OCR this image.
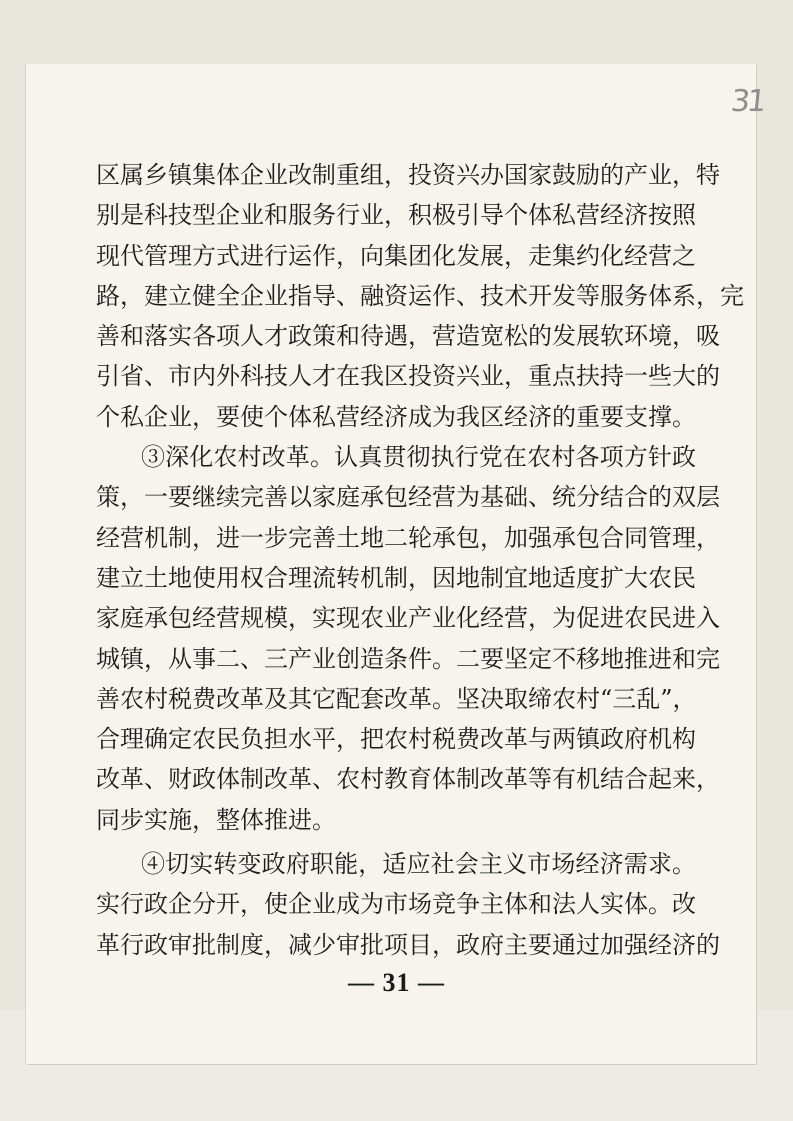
31
区属乡镇集体企业改制重组，投资兴办国家鼓励的产业，特
别是科技型企业和服务行业，积极引导个体私营经济按照
现代管理方式进行运作，向集团化发展，走集约化经营之
路，建立健全企业指导、融资运作、技术开发等服务体系，完
善和落实各项人才政策和待遇，营造宽松的发展软环境，吸
引省、市内外科技人才在我区投资兴业，重点扶持一些大的
个私企业，要使个体私营经济成为我区经济的重要支撑。
③深化农村改革。认真贯彻执行党在农村各项方针政
策，一要继续完善以家庭承包经营为基础、统分结合的双层
经营机制，进一步完善土地二轮承包，加强承包合同管理，
建立土地使用权合理流转机制，因地制宜地适度扩大农民
家庭承包经营规模，实现农业产业化经营，为促进农民进入
城镇，从事二、三产业创造条件。二要坚定不移地推进和完
善农村税费改革及其它配套改革。坚决取缔农村“三乱”，
合理确定农民负担水平，把农村税费改革与两镇政府机构
改革、财政体制改革、农村教育体制改革等有机结合起来，
同步实施，整体推进。
④切实转变政府职能，适应社会主义市场经济需求。
实行政企分开，使企业成为市场竞争主体和法人实体。改
革行政审批制度，减少审批项目，政府主要通过加强经济的
— 31 —
